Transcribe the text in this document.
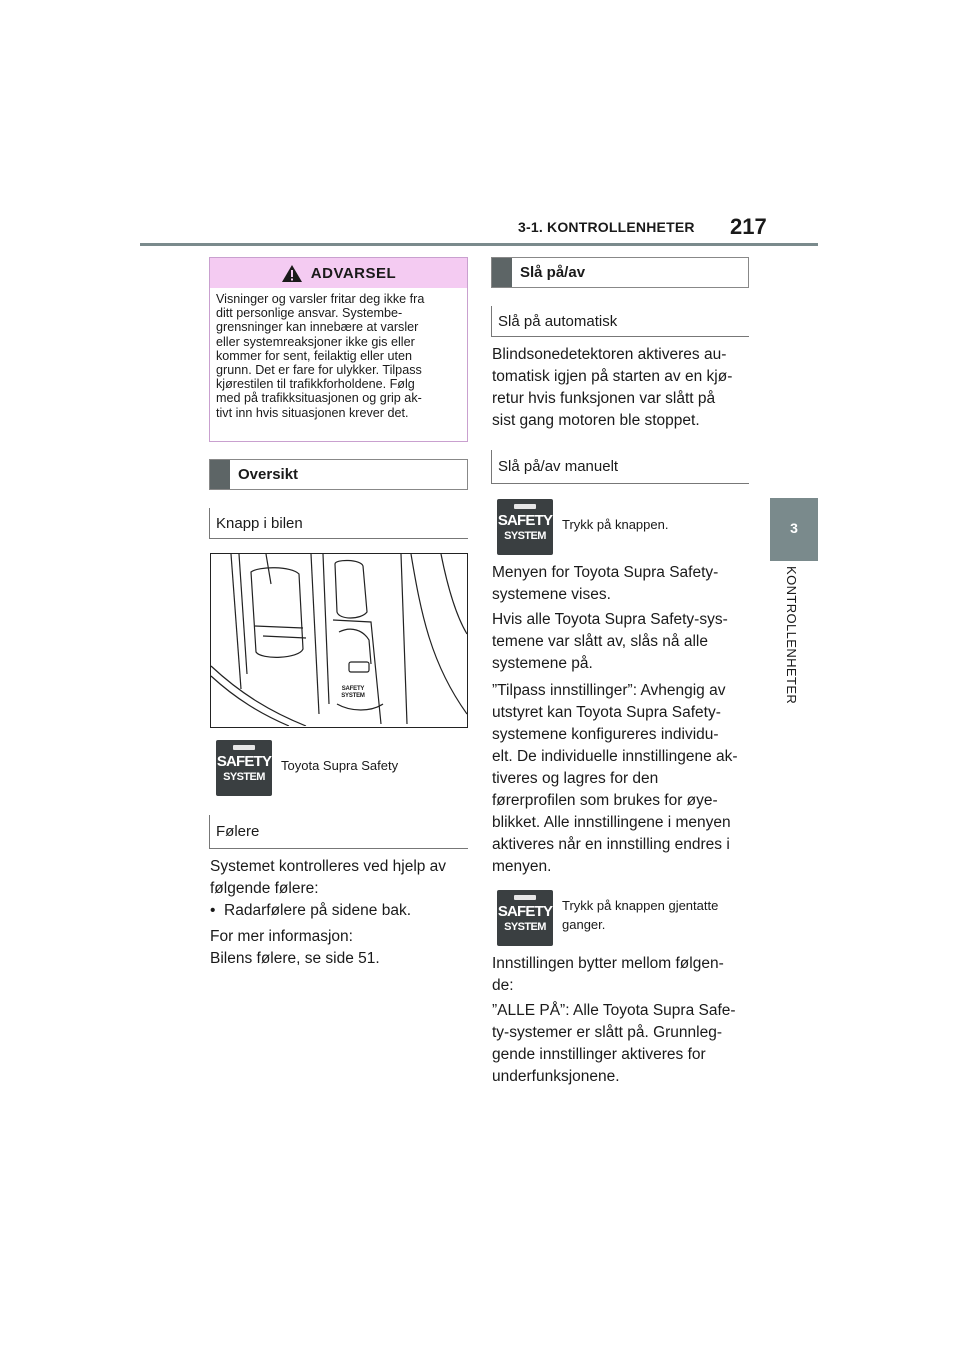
3-1. KONTROLLENHETER 217
3
KONTROLLENHETER
ADVARSEL
Visninger og varsler fritar deg ikke fra
ditt personlige ansvar. Systembe-
grensninger kan innebære at varsler
eller systemreaksjoner ikke gis eller
kommer for sent, feilaktig eller uten
grunn. Det er fare for ulykker. Tilpass
kjørestilen til trafikkforholdene. Følg
med på trafikksituasjonen og grip ak-
tivt inn hvis situasjonen krever det.
Oversikt
Knapp i bilen
SAFETY
SYSTEM
SAFETY
SYSTEM
Toyota Supra Safety
Følere

Systemet kontrolleres ved hjelp av

følgende følere:

•  Radarfølere på sidene bak.

For mer informasjon:

Bilens følere, se side 51.

Slå på/av
Slå på automatisk

Blindsonedetektoren aktiveres au-

tomatisk igjen på starten av en kjø-

retur hvis funksjonen var slått på

sist gang motoren ble stoppet.

Slå på/av manuelt
SAFETY
SYSTEM
Trykk på knappen.

Menyen for Toyota Supra Safety-

systemene vises.

Hvis alle Toyota Supra Safety-sys-

temene var slått av, slås nå alle

systemene på.

”Tilpass innstillinger”: Avhengig av

utstyret kan Toyota Supra Safety-

systemene konfigureres individu-

elt. De individuelle innstillingene ak-

tiveres og lagres for den

førerprofilen som brukes for øye-

blikket. Alle innstillingene i menyen

aktiveres når en innstilling endres i

menyen.

SAFETY
SYSTEM
Trykk på knappen gjentatte
ganger.

Innstillingen bytter mellom følgen-

de:

”ALLE PÅ”: Alle Toyota Supra Safe-

ty-systemer er slått på. Grunnleg-

gende innstillinger aktiveres for

underfunksjonene.
